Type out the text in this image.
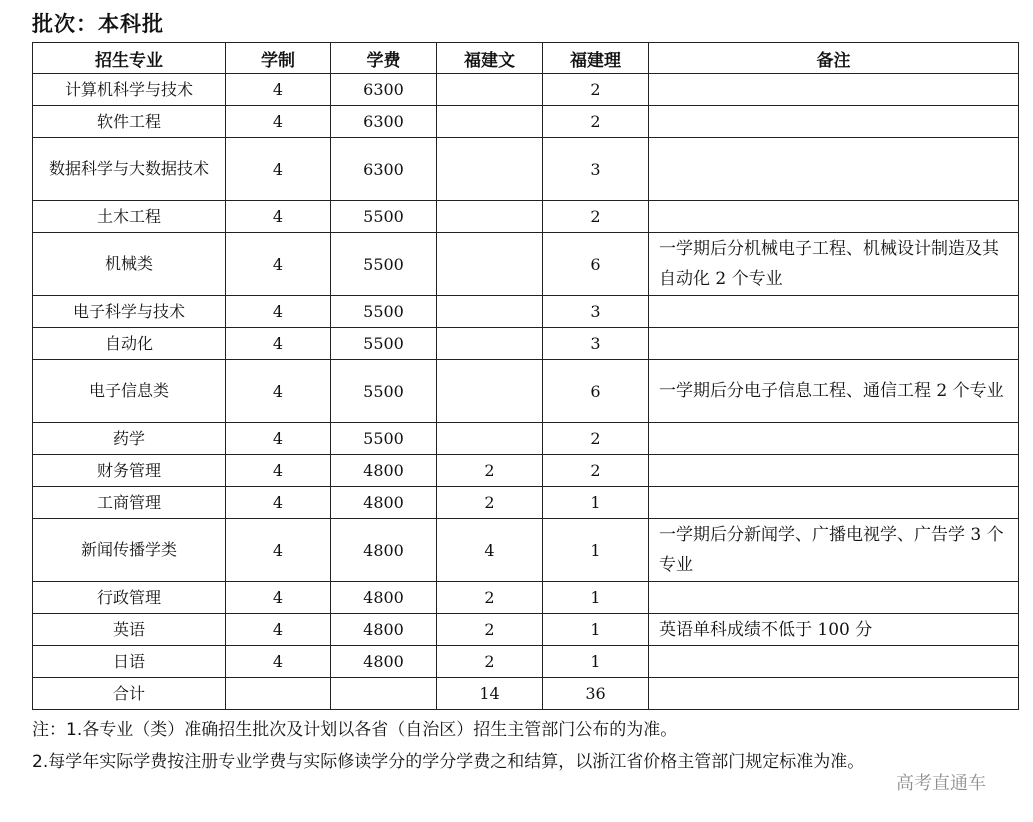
批次：本科批
招生专业	学制	学费	福建文	福建理	备注
计算机科学与技术	4	6300		2	
软件工程	4	6300		2	
数据科学与大数据技术	4	6300		3	
土木工程	4	5500		2	
机械类	4	5500		6	一学期后分机械电子工程、机械设计制造及其自动化 2 个专业
电子科学与技术	4	5500		3	
自动化	4	5500		3	
电子信息类	4	5500		6	一学期后分电子信息工程、通信工程 2 个专业
药学	4	5500		2	
财务管理	4	4800	2	2	
工商管理	4	4800	2	1	
新闻传播学类	4	4800	4	1	一学期后分新闻学、广播电视学、广告学 3 个专业
行政管理	4	4800	2	1	
英语	4	4800	2	1	英语单科成绩不低于 100 分
日语	4	4800	2	1	
合计			14	36	

注：1.各专业（类）准确招生批次及计划以各省（自治区）招生主管部门公布的为准。

2.每学年实际学费按注册专业学费与实际修读学分的学分学费之和结算，以浙江省价格主管部门规定标准为准。

高考直通车
